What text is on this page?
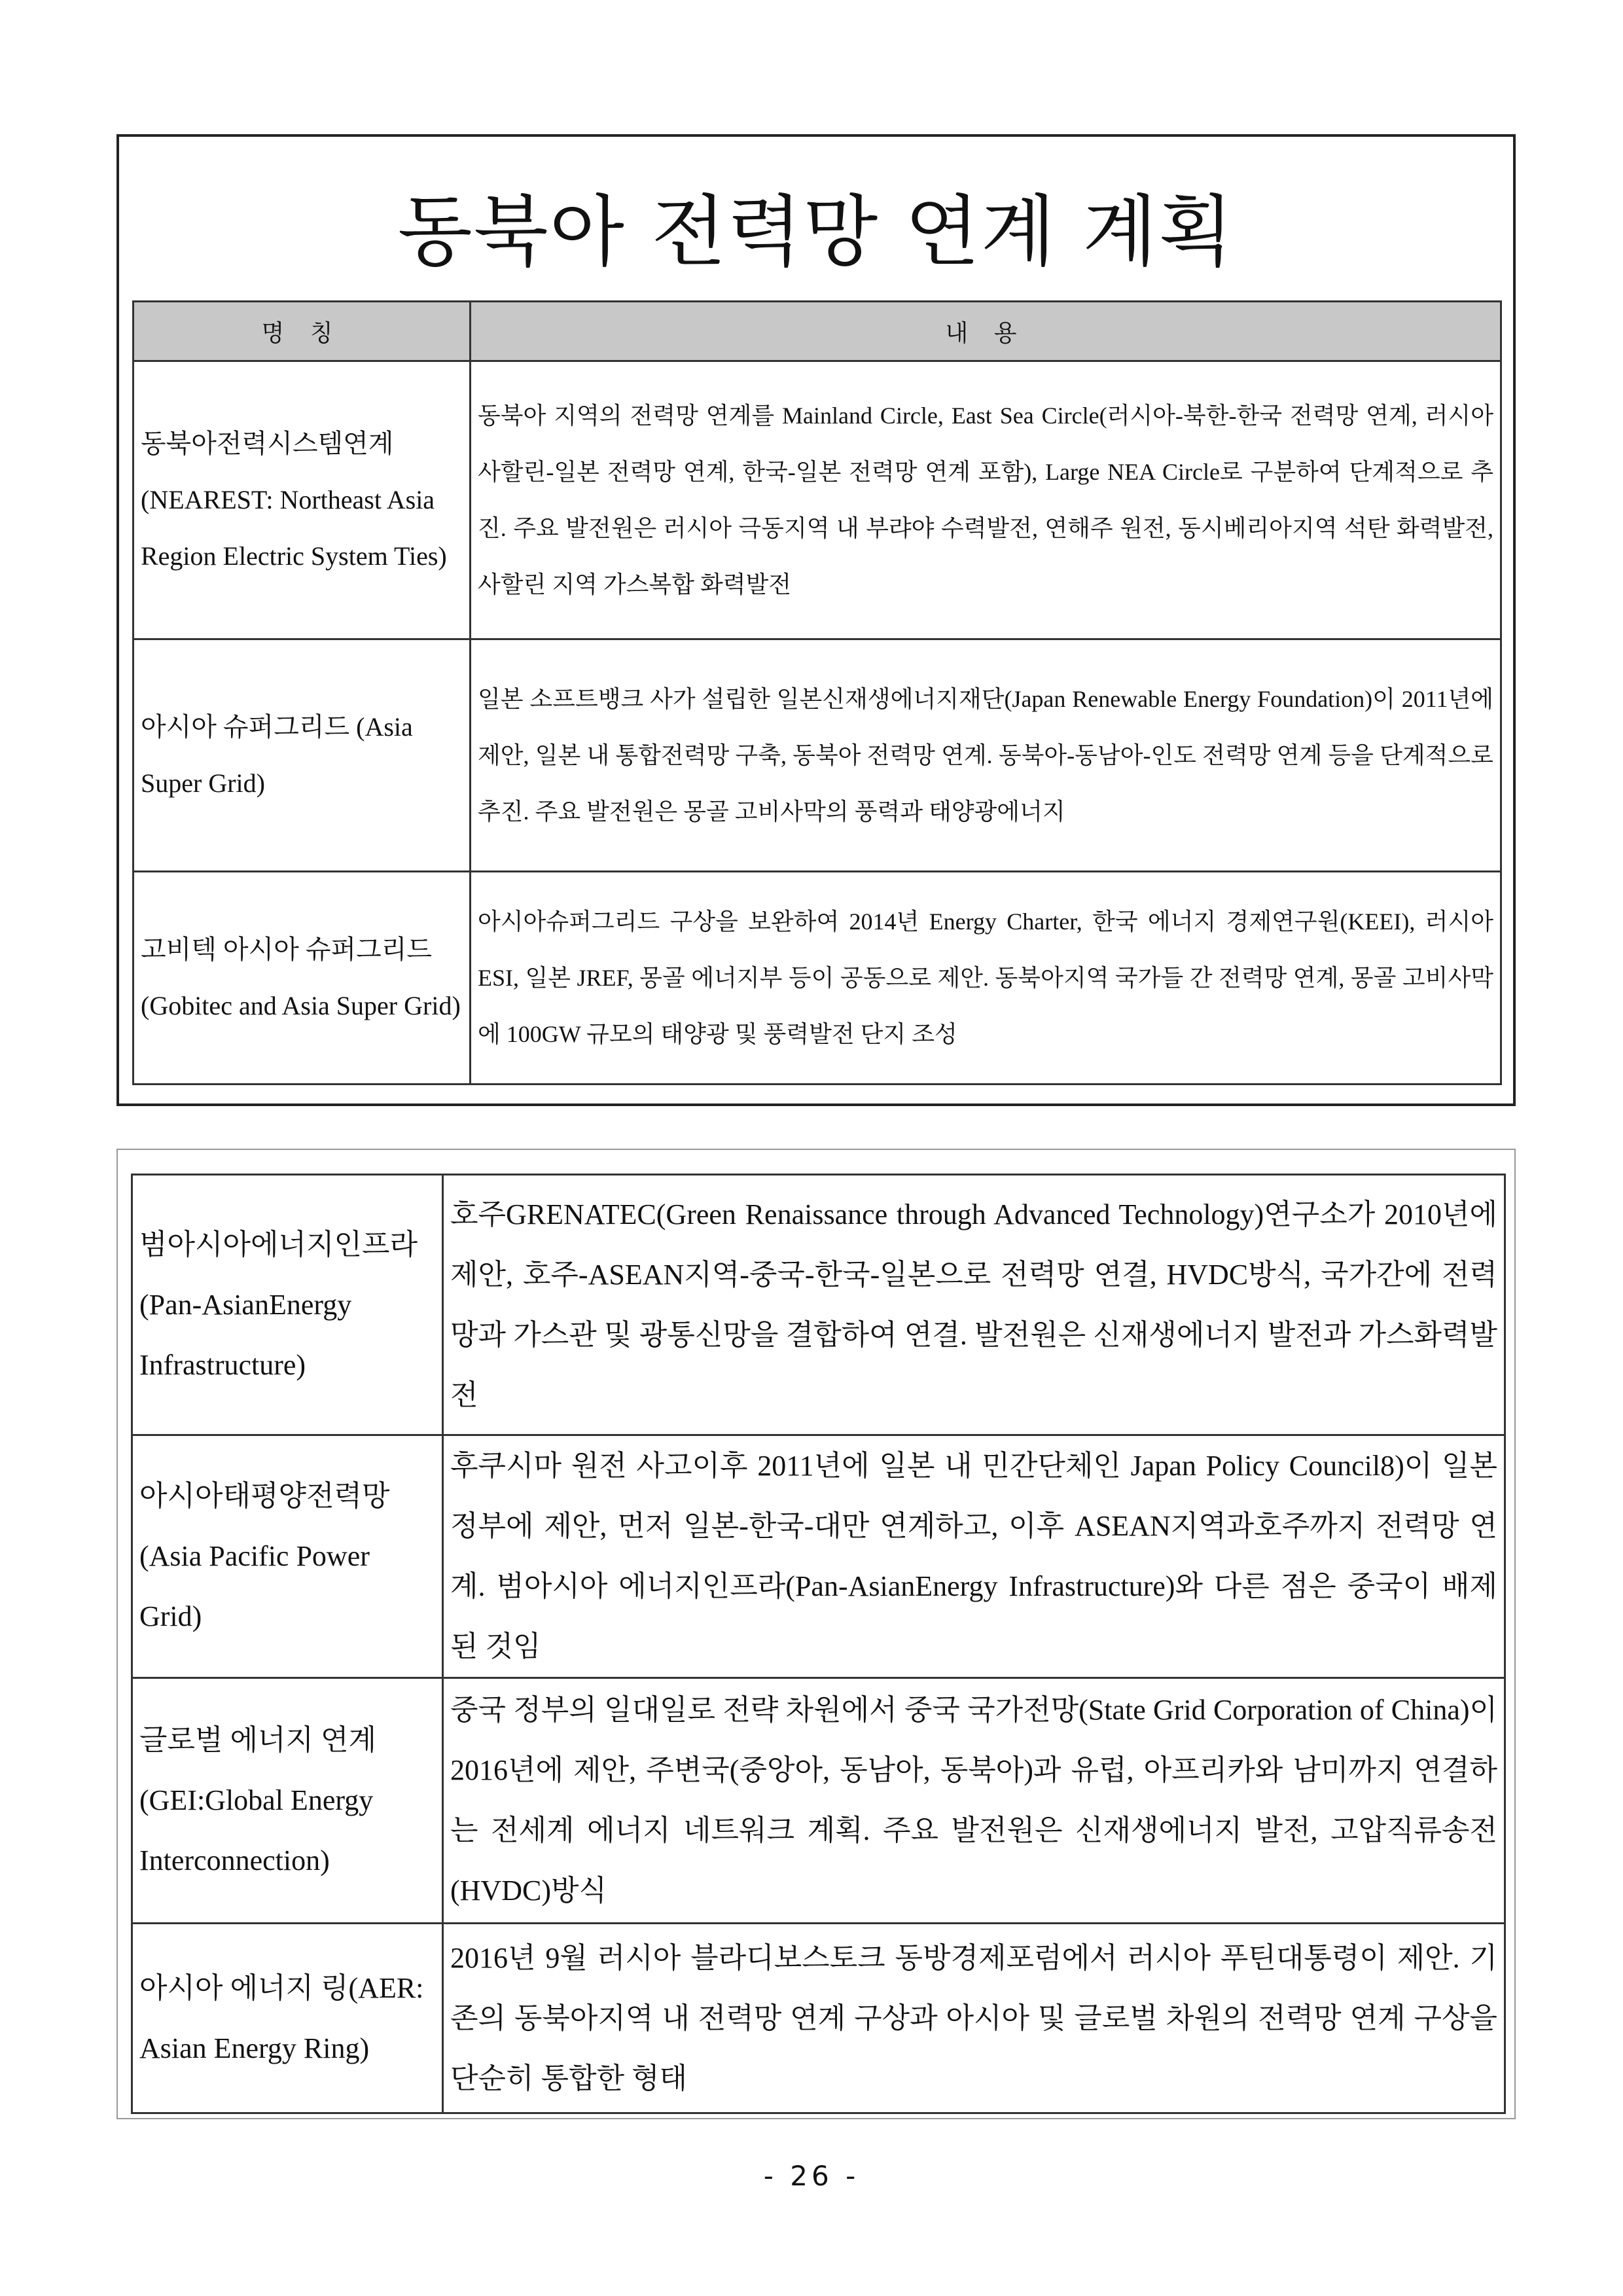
동북아 전력망 연계 계획
명 칭	내 용
동북아전력시스템연계 (NEAREST: Northeast Asia Region Electric System Ties)	동북아 지역의 전력망 연계를 Mainland Circle, East Sea Circle(러시아-북한-한국 전력망 연계, 러시아 사할린-일본 전력망 연계, 한국-일본 전력망 연계 포함), Large NEA Circle로 구분하여 단계적으로 추진. 주요 발전원은 러시아 극동지역 내 부랴야 수력발전, 연해주 원전, 동시베리아지역 석탄 화력발전, 사할린 지역 가스복합 화력발전
아시아 슈퍼그리드 (Asia Super Grid)	일본 소프트뱅크 사가 설립한 일본신재생에너지재단(Japan Renewable Energy Foundation)이 2011년에 제안, 일본 내 통합전력망 구축, 동북아 전력망 연계. 동북아-동남아-인도 전력망 연계 등을 단계적으로 추진. 주요 발전원은 몽골 고비사막의 풍력과 태양광에너지
고비텍 아시아 슈퍼그리드 (Gobitec and Asia Super Grid)	아시아슈퍼그리드 구상을 보완하여 2014년 Energy Charter, 한국 에너지 경제연구원(KEEI), 러시아 ESI, 일본 JREF, 몽골 에너지부 등이 공동으로 제안. 동북아지역 국가들 간 전력망 연계, 몽골 고비사막에 100GW 규모의 태양광 및 풍력발전 단지 조성
범아시아에너지인프라 (Pan-AsianEnergy Infrastructure)	호주GRENATEC(Green Renaissance through Advanced Technology)연구소가 2010년에 제안, 호주-ASEAN지역-중국-한국-일본으로 전력망 연결, HVDC방식, 국가간에 전력망과 가스관 및 광통신망을 결합하여 연결. 발전원은 신재생에너지 발전과 가스화력발전
아시아태평양전력망 (Asia Pacific Power Grid)	후쿠시마 원전 사고이후 2011년에 일본 내 민간단체인 Japan Policy Council8)이 일본정부에 제안, 먼저 일본-한국-대만 연계하고, 이후 ASEAN지역과호주까지 전력망 연계. 범아시아 에너지인프라(Pan-AsianEnergy Infrastructure)와 다른 점은 중국이 배제된 것임
글로벌 에너지 연계 (GEI:Global Energy Interconnection)	중국 정부의 일대일로 전략 차원에서 중국 국가전망(State Grid Corporation of China)이 2016년에 제안, 주변국(중앙아, 동남아, 동북아)과 유럽, 아프리카와 남미까지 연결하는 전세계 에너지 네트워크 계획. 주요 발전원은 신재생에너지 발전, 고압직류송전(HVDC)방식
아시아 에너지 링(AER: Asian Energy Ring)	2016년 9월 러시아 블라디보스토크 동방경제포럼에서 러시아 푸틴대통령이 제안. 기존의 동북아지역 내 전력망 연계 구상과 아시아 및 글로벌 차원의 전력망 연계 구상을 단순히 통합한 형태
- 26 -
